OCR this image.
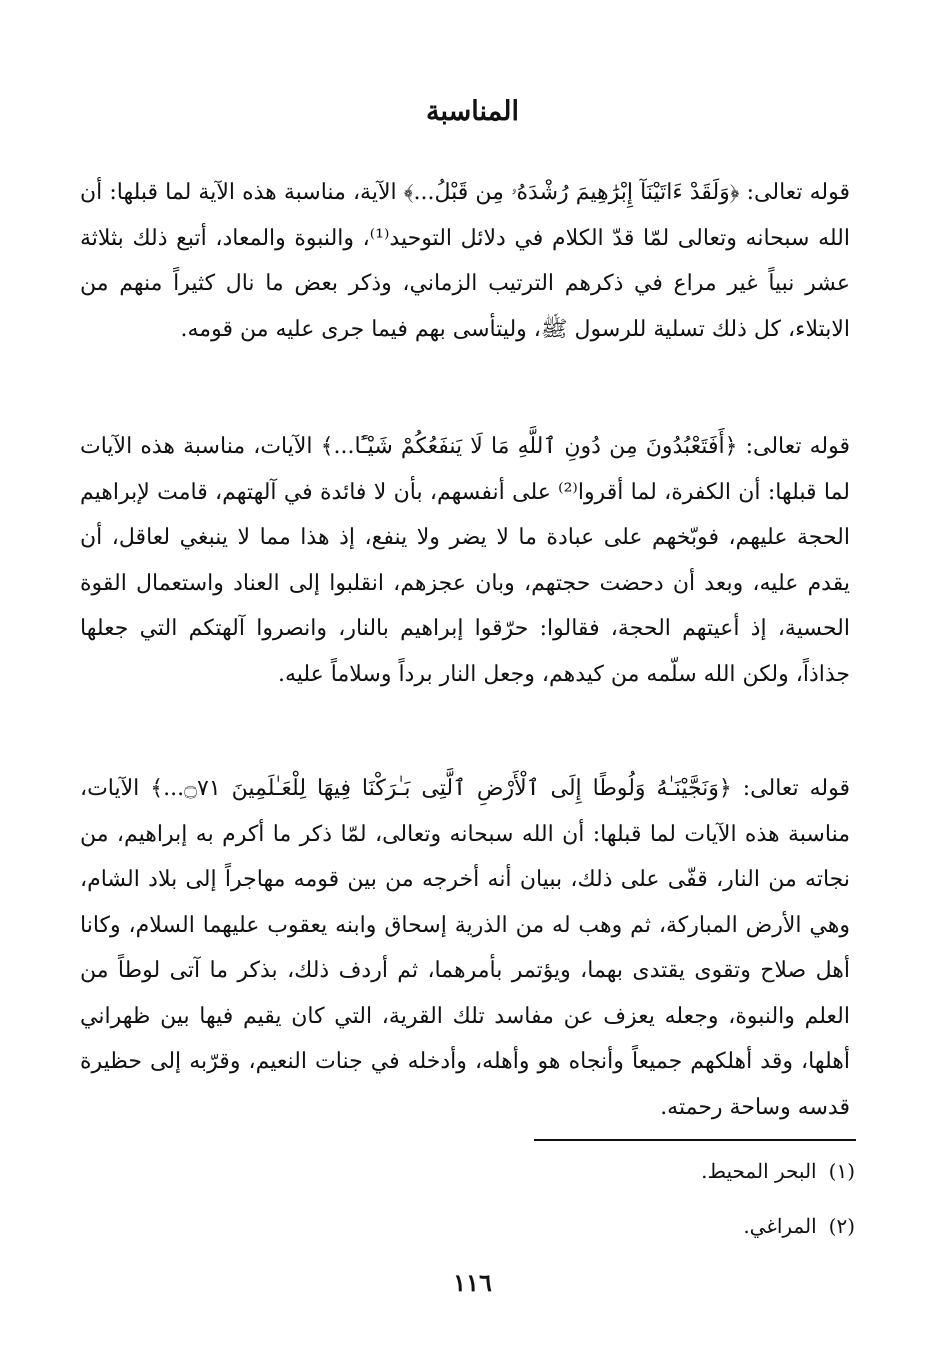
المناسبة

قوله تعالى: ﴿وَلَقَدْ ءَاتَيْنَآ إِبْرَٰهِيمَ رُشْدَهُۥ مِن قَبْلُ...﴾ الآية، مناسبة هذه الآية لما قبلها: أن الله سبحانه وتعالى لمّا قدّ الكلام في دلائل التوحيد⁽¹⁾، والنبوة والمعاد، أتبع ذلك بثلاثة عشر نبياً غير مراع في ذكرهم الترتيب الزماني، وذكر بعض ما نال كثيراً منهم من الابتلاء، كل ذلك تسلية للرسول ﷺ، وليتأسى بهم فيما جرى عليه من قومه.

قوله تعالى: ﴿أَفَتَعْبُدُونَ مِن دُونِ ٱللَّهِ مَا لَا يَنفَعُكُمْ شَيْـًٔا...﴾ الآيات، مناسبة هذه الآيات لما قبلها: أن الكفرة، لما أقروا⁽²⁾ على أنفسهم، بأن لا فائدة في آلهتهم، قامت لإبراهيم الحجة عليهم، فوبّخهم على عبادة ما لا يضر ولا ينفع، إذ هذا مما لا ينبغي لعاقل، أن يقدم عليه، وبعد أن دحضت حجتهم، وبان عجزهم، انقلبوا إلى العناد واستعمال القوة الحسية، إذ أعيتهم الحجة، فقالوا: حرّقوا إبراهيم بالنار، وانصروا آلهتكم التي جعلها جذاذاً، ولكن الله سلّمه من كيدهم، وجعل النار برداً وسلاماً عليه.

قوله تعالى: ﴿وَنَجَّيْنَـٰهُ وَلُوطًا إِلَى ٱلْأَرْضِ ٱلَّتِى بَـٰرَكْنَا فِيهَا لِلْعَـٰلَمِينَ ۝٧١...﴾ الآيات، مناسبة هذه الآيات لما قبلها: أن الله سبحانه وتعالى، لمّا ذكر ما أكرم به إبراهيم، من نجاته من النار، قفّى على ذلك، ببيان أنه أخرجه من بين قومه مهاجراً إلى بلاد الشام، وهي الأرض المباركة، ثم وهب له من الذرية إسحاق وابنه يعقوب عليهما السلام، وكانا أهل صلاح وتقوى يقتدى بهما، ويؤتمر بأمرهما، ثم أردف ذلك، بذكر ما آتى لوطاً من العلم والنبوة، وجعله يعزف عن مفاسد تلك القرية، التي كان يقيم فيها بين ظهراني أهلها، وقد أهلكهم جميعاً وأنجاه هو وأهله، وأدخله في جنات النعيم، وقرّبه إلى حظيرة قدسه وساحة رحمته.

(١)البحر المحيط.

(٢)المراغي.

١١٦
